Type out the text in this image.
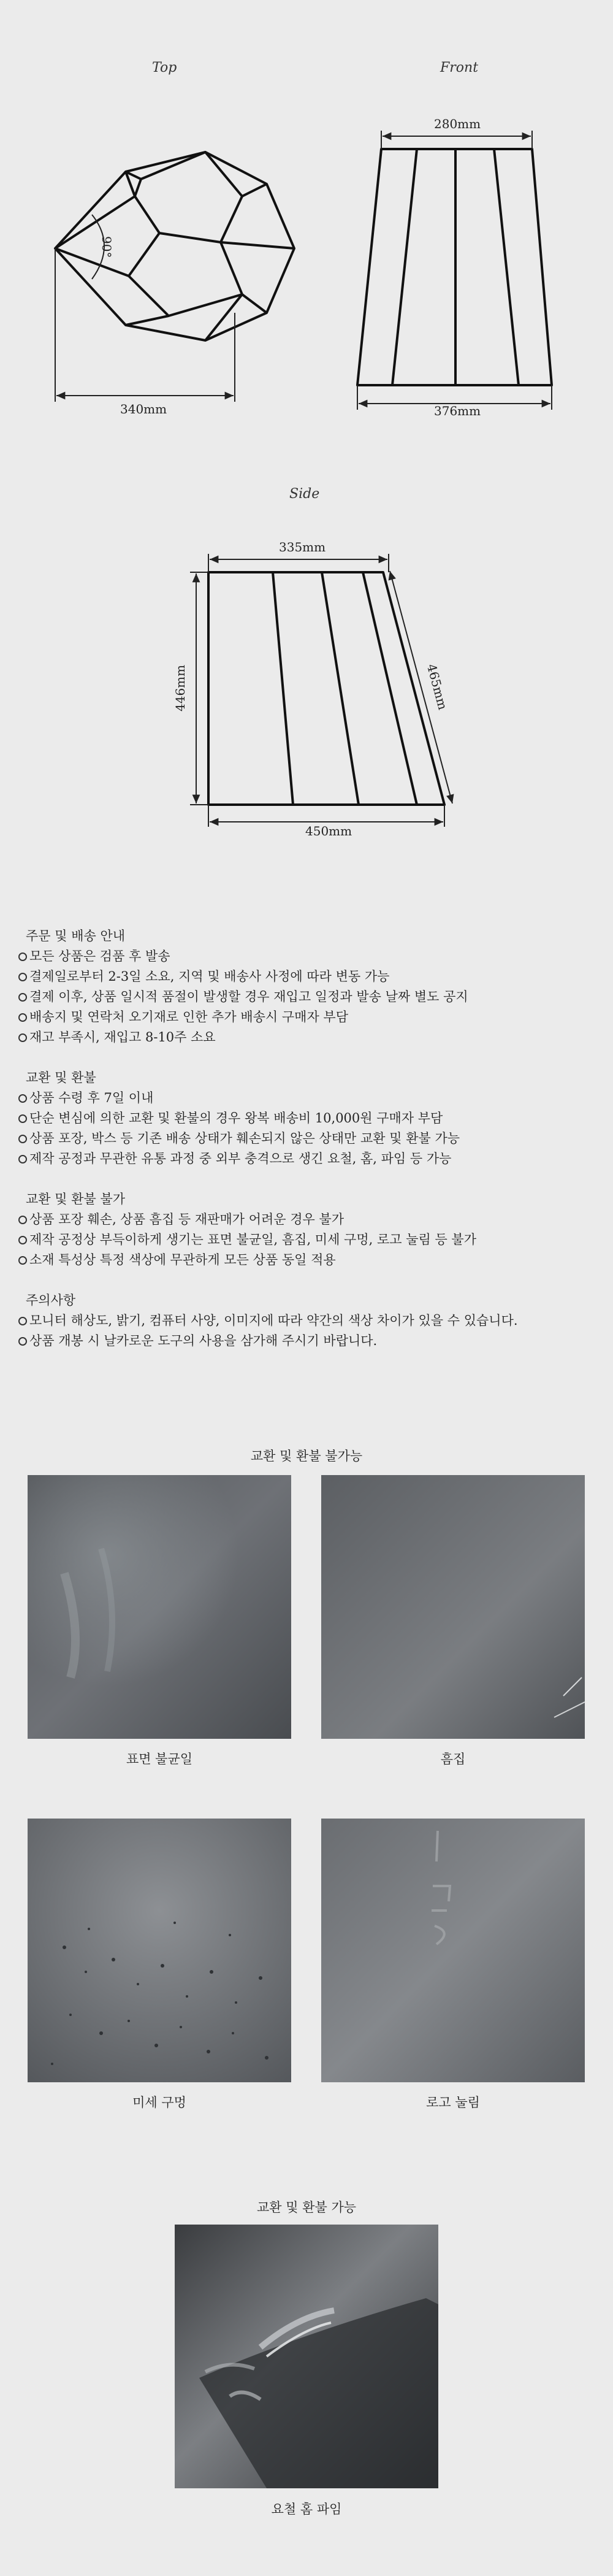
Top	Front
Side
340mm
90°
280mm
376mm
335mm
446mm	465mm
450mm
주문 및 배송 안내
모든 상품은 검품 후 발송
결제일로부터 2-3일 소요, 지역 및 배송사 사정에 따라 변동 가능
결제 이후, 상품 일시적 품절이 발생할 경우 재입고 일정과 발송 날짜 별도 공지
배송지 및 연락처 오기재로 인한 추가 배송시 구매자 부담
재고 부족시, 재입고 8-10주 소요
교환 및 환불
상품 수령 후 7일 이내
단순 변심에 의한 교환 및 환불의 경우 왕복 배송비 10,000원 구매자 부담
상품 포장, 박스 등 기존 배송 상태가 훼손되지 않은 상태만 교환 및 환불 가능
제작 공정과 무관한 유통 과정 중 외부 충격으로 생긴 요철, 홈, 파임 등 가능
교환 및 환불 불가
상품 포장 훼손, 상품 흠집 등 재판매가 어려운 경우 불가
제작 공정상 부득이하게 생기는 표면 불균일, 흠집, 미세 구멍, 로고 눌림 등 불가
소재 특성상 특정 색상에 무관하게 모든 상품 동일 적용
주의사항
모니터 해상도, 밝기, 컴퓨터 사양, 이미지에 따라 약간의 색상 차이가 있을 수 있습니다.
상품 개봉 시 날카로운 도구의 사용을 삼가해 주시기 바랍니다.
교환 및 환불 불가능
표면 불균일	흠집
미세 구멍	로고 눌림
교환 및 환불 가능
요철 홈 파임
